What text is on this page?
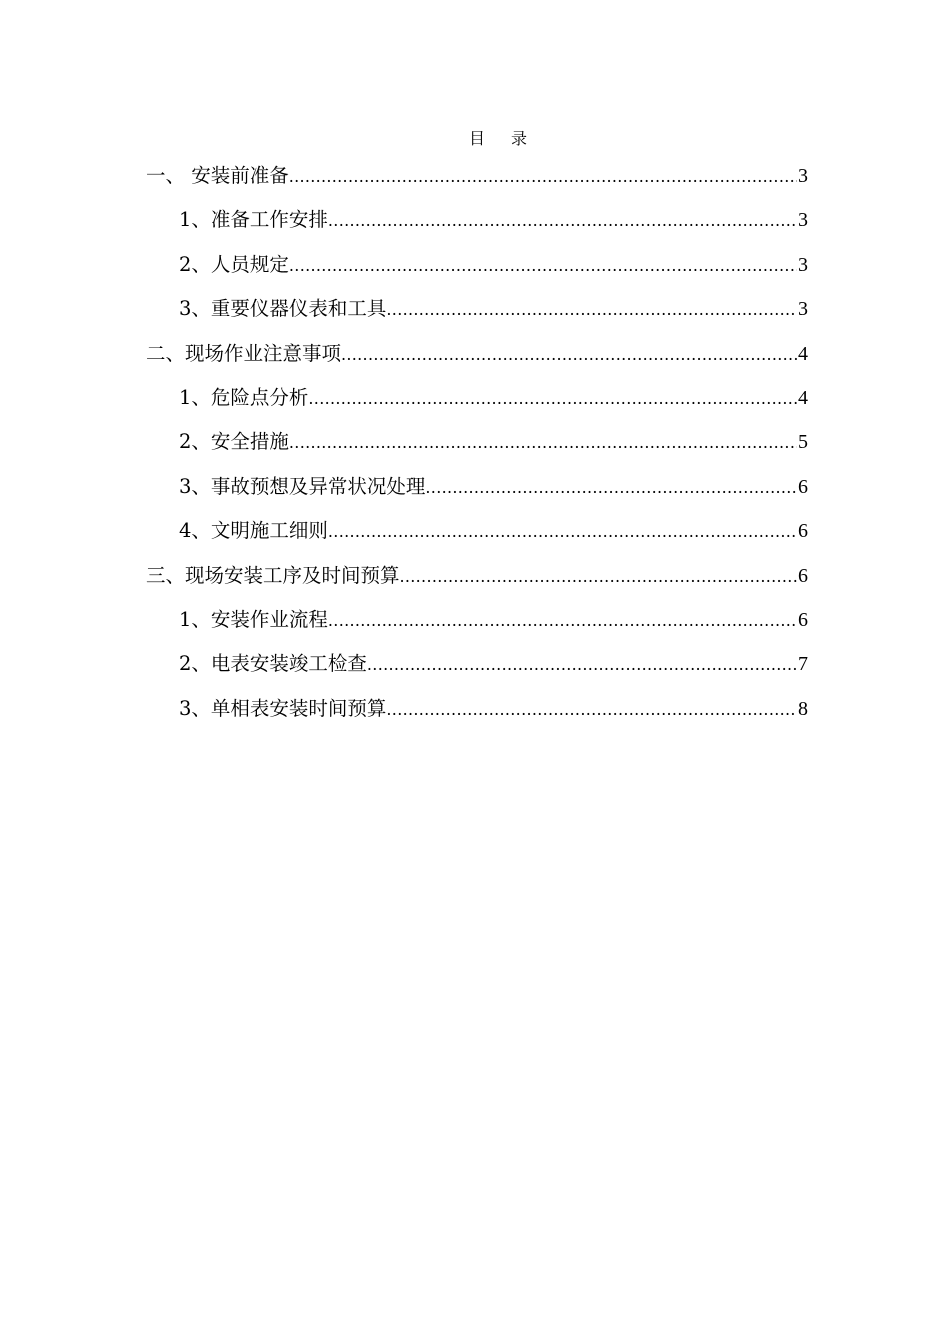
目录
一、 安装前准备 .....	3
1、准备工作安排 .....	3
2、人员规定 .....	3
3、重要仪器仪表和工具 .....	3
二、现场作业注意事项 .....	4
1、危险点分析 .....	4
2、安全措施 .....	5
3、事故预想及异常状况处理 .....	6
4、文明施工细则 .....	6
三、现场安装工序及时间预算 .....	6
1、安装作业流程 .....	6
2、电表安装竣工检查 .....	7
3、单相表安装时间预算 .....	8
